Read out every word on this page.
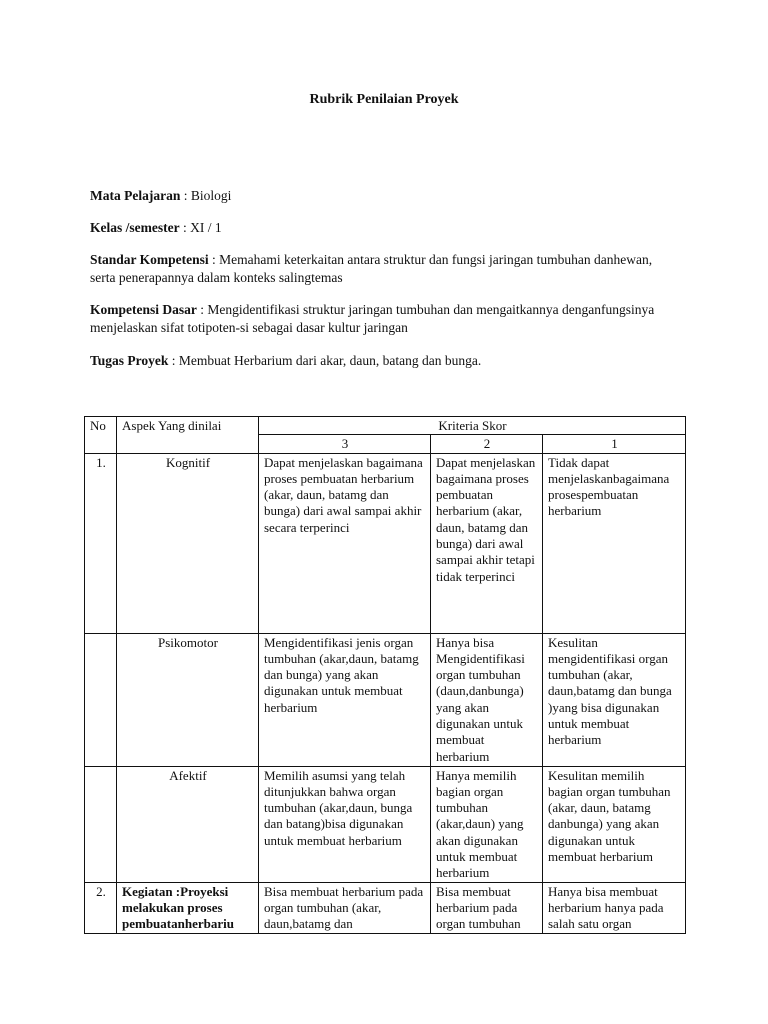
Rubrik Penilaian Proyek
Mata Pelajaran : Biologi
Kelas /semester : XI / 1
Standar Kompetensi : Memahami keterkaitan antara struktur dan fungsi jaringan tumbuhan danhewan, serta penerapannya dalam konteks salingtemas
Kompetensi Dasar : Mengidentifikasi struktur jaringan tumbuhan dan mengaitkannya denganfungsinya menjelaskan sifat totipoten-si sebagai dasar kultur jaringan
Tugas Proyek : Membuat Herbarium dari akar, daun, batang dan bunga.
No	Aspek Yang dinilai	Kriteria Skor		
		3	2	1
1.	Kognitif	Dapat menjelaskan bagaimana proses pembuatan herbarium (akar, daun, batamg dan bunga) dari awal sampai akhir secara terperinci	Dapat menjelaskan bagaimana proses pembuatan herbarium (akar, daun, batamg dan bunga) dari awal sampai akhir tetapi tidak terperinci	Tidak dapat menjelaskanbagaimana prosespembuatan herbarium
	Psikomotor	Mengidentifikasi jenis organ tumbuhan (akar,daun, batamg dan bunga) yang akan digunakan untuk membuat herbarium	Hanya bisa Mengidentifikasi organ tumbuhan (daun,danbunga) yang akan digunakan untuk membuat herbarium	Kesulitan mengidentifikasi organ tumbuhan (akar, daun,batamg dan bunga )yang bisa digunakan untuk membuat herbarium
	Afektif	Memilih asumsi yang telah ditunjukkan bahwa organ tumbuhan (akar,daun, bunga dan batang)bisa digunakan untuk membuat herbarium	Hanya memilih bagian organ tumbuhan (akar,daun) yang akan digunakan untuk membuat herbarium	Kesulitan memilih bagian organ tumbuhan (akar, daun, batamg danbunga) yang akan digunakan untuk membuat herbarium
2.	Kegiatan :Proyeksi melakukan proses pembuatanherbariu	Bisa membuat herbarium pada organ tumbuhan (akar, daun,batamg dan	Bisa membuat herbarium pada organ tumbuhan	Hanya bisa membuat herbarium hanya pada salah satu organ
